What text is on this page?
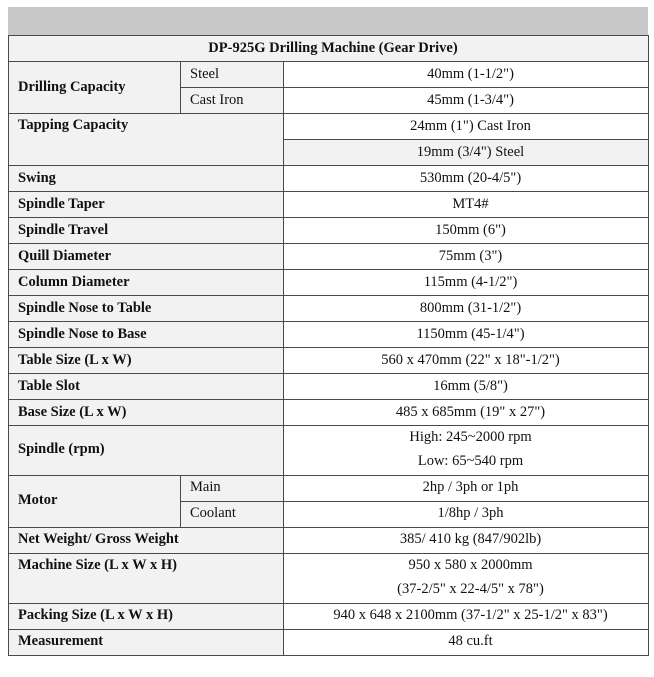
DP-925G Drilling Machine (Gear Drive)		
Drilling Capacity	Steel	40mm (1-1/2")
	Cast Iron	45mm (1-3/4")
Tapping Capacity		24mm (1") Cast Iron
		19mm (3/4") Steel
Swing		530mm (20-4/5")
Spindle Taper		MT4#
Spindle Travel		150mm (6")
Quill Diameter		75mm (3")
Column Diameter		115mm (4-1/2")
Spindle Nose to Table		800mm (31-1/2")
Spindle Nose to Base		1150mm (45-1/4")
Table Size (L x W)		560 x 470mm (22" x 18"-1/2")
Table Slot		16mm (5/8")
Base Size (L x W)		485 x 685mm (19" x 27")
Spindle (rpm)		High: 245~2000 rpm
Low: 65~540 rpm

Motor	Main	2hp / 3ph or 1ph
	Coolant	1/8hp / 3ph
Net Weight/ Gross Weight		385/ 410 kg (847/902lb)
Machine Size (L x W x H)		950 x 580 x 2000mm
(37-2/5" x 22-4/5" x 78")

Packing Size (L x W x H)		940 x 648 x 2100mm (37-1/2" x 25-1/2" x 83")
Measurement		48 cu.ft
